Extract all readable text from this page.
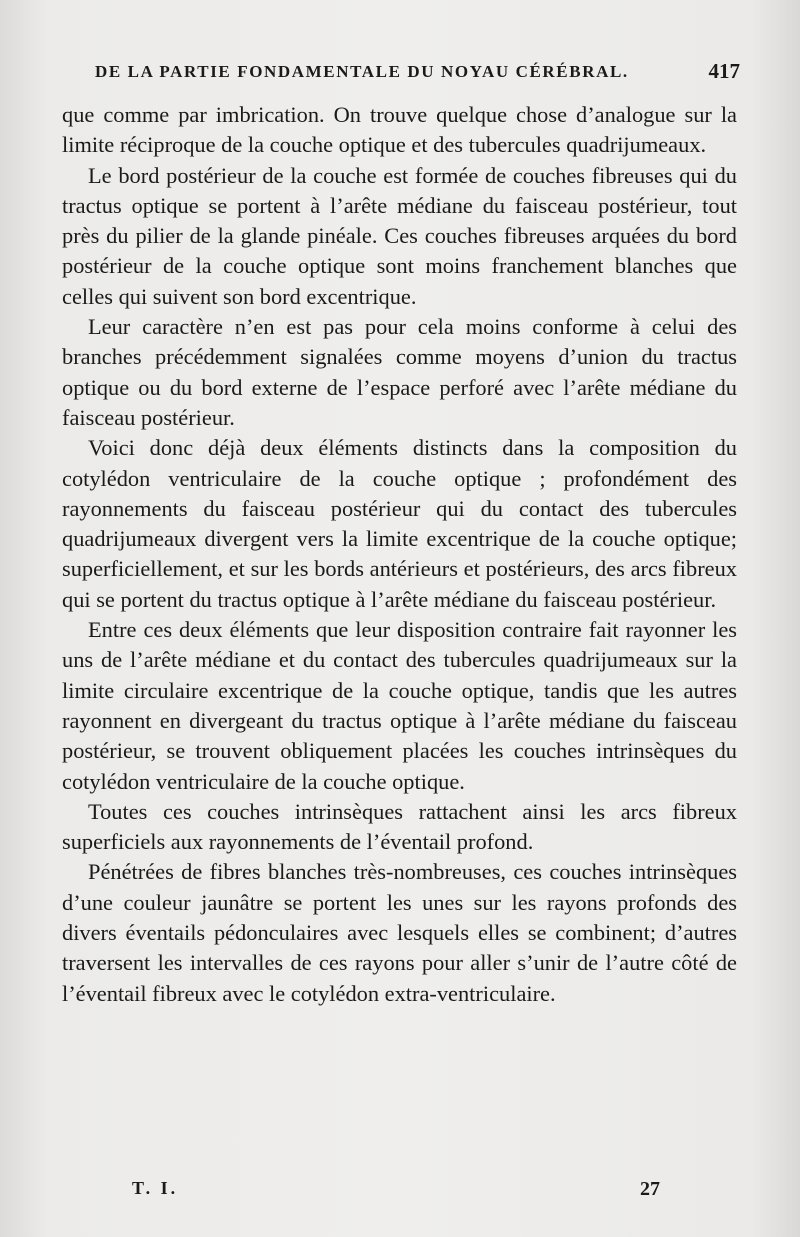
DE LA PARTIE FONDAMENTALE DU NOYAU CÉRÉBRAL.	417

que comme par imbrication. On trouve quelque chose d’analogue sur la limite réciproque de la couche optique et des tubercules quadrijumeaux.

Le bord postérieur de la couche est formée de couches fibreuses qui du tractus optique se portent à l’arête médiane du faisceau postérieur, tout près du pilier de la glande pinéale. Ces couches fibreuses arquées du bord postérieur de la couche optique sont moins franchement blanches que celles qui suivent son bord excentrique.

Leur caractère n’en est pas pour cela moins conforme à celui des branches précédemment signalées comme moyens d’union du tractus optique ou du bord externe de l’espace perforé avec l’arête médiane du faisceau postérieur.

Voici donc déjà deux éléments distincts dans la composition du cotylédon ventriculaire de la couche optique ; profondément des rayonnements du faisceau postérieur qui du contact des tubercules quadrijumeaux divergent vers la limite excentrique de la couche optique; superficiellement, et sur les bords antérieurs et postérieurs, des arcs fibreux qui se portent du tractus optique à l’arête médiane du faisceau postérieur.

Entre ces deux éléments que leur disposition contraire fait rayonner les uns de l’arête médiane et du contact des tubercules quadrijumeaux sur la limite circulaire excentrique de la couche optique, tandis que les autres rayonnent en divergeant du tractus optique à l’arête médiane du faisceau postérieur, se trouvent obliquement placées les couches intrinsèques du cotylédon ventriculaire de la couche optique.

Toutes ces couches intrinsèques rattachent ainsi les arcs fibreux superficiels aux rayonnements de l’éventail profond.

Pénétrées de fibres blanches très-nombreuses, ces couches intrinsèques d’une couleur jaunâtre se portent les unes sur les rayons profonds des divers éventails pédonculaires avec lesquels elles se combinent; d’autres traversent les intervalles de ces rayons pour aller s’unir de l’autre côté de l’éventail fibreux avec le cotylédon extra-ventriculaire.

T. I.	27
